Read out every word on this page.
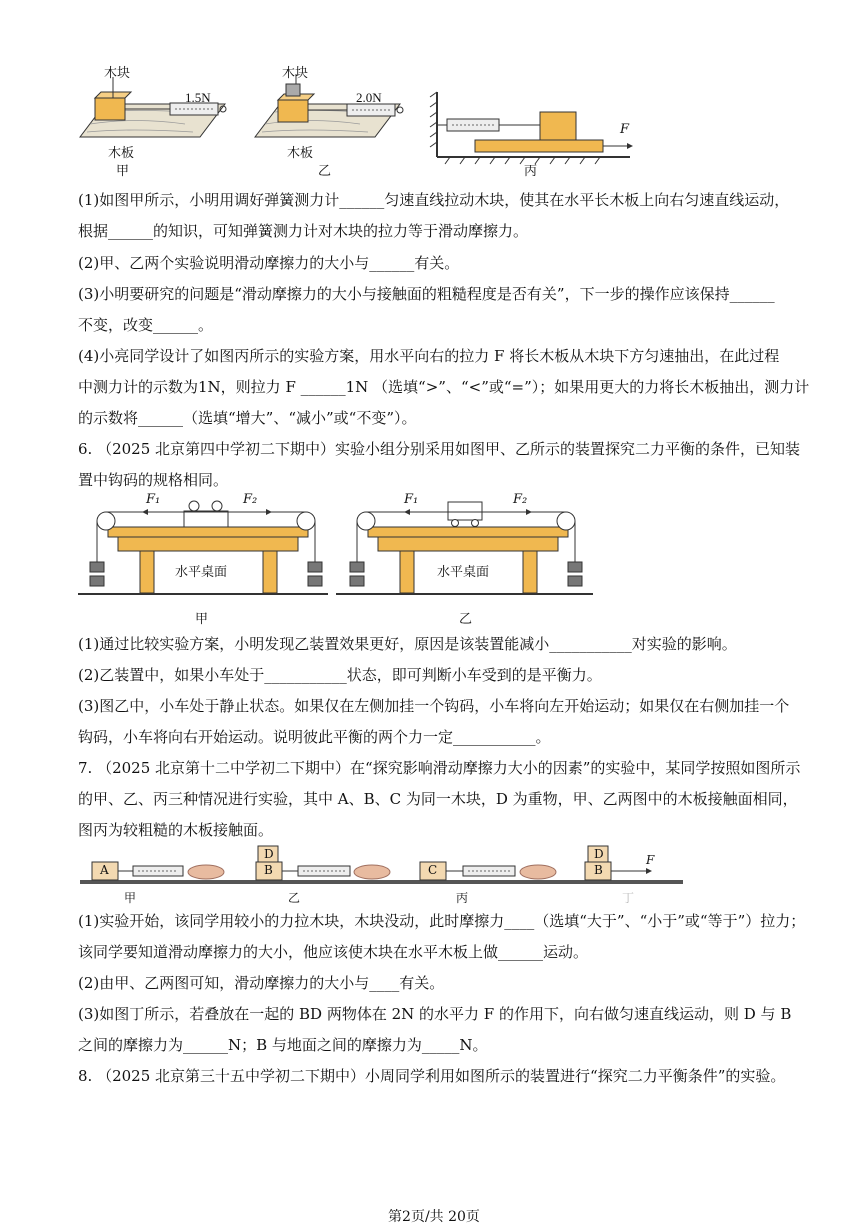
木块
1.5N
木板
甲
木块
2.0N
木板
乙
F
丙
(1)如图甲所示，小明用调好弹簧测力计______匀速直线拉动木块，使其在水平长木板上向右匀速直线运动，
根据______的知识，可知弹簧测力计对木块的拉力等于滑动摩擦力。
(2)甲、乙两个实验说明滑动摩擦力的大小与______有关。
(3)小明要研究的问题是“滑动摩擦力的大小与接触面的粗糙程度是否有关”，下一步的操作应该保持______
不变，改变______。
(4)小亮同学设计了如图丙所示的实验方案，用水平向右的拉力 F 将长木板从木块下方匀速抽出，在此过程
中测力计的示数为1N，则拉力 F ______1N （选填“>”、“<”或“=”）；如果用更大的力将长木板抽出，测力计
的示数将______（选填“增大”、“减小”或“不变”）。
6. （2025 北京第四中学初二下期中）实验小组分别采用如图甲、乙所示的装置探究二力平衡的条件，已知装
置中钩码的规格相同。
F₁	F₂
水平桌面
甲
F₁	F₂
水平桌面
乙
(1)通过比较实验方案，小明发现乙装置效果更好，原因是该装置能减小___________对实验的影响。
(2)乙装置中，如果小车处于___________状态，即可判断小车受到的是平衡力。
(3)图乙中，小车处于静止状态。如果仅在左侧加挂一个钩码，小车将向左开始运动；如果仅在右侧加挂一个
钩码，小车将向右开始运动。说明彼此平衡的两个力一定___________。
7. （2025 北京第十二中学初二下期中）在“探究影响滑动摩擦力大小的因素”的实验中，某同学按照如图所示
的甲、乙、丙三种情况进行实验，其中 A、B、C 为同一木块，D 为重物，甲、乙两图中的木板接触面相同，
图丙为较粗糙的木板接触面。
A
甲
D
B
乙
C
丙
D
B
F
丁
(1)实验开始，该同学用较小的力拉木块，木块没动，此时摩擦力____（选填“大于”、“小于”或“等于”）拉力；
该同学要知道滑动摩擦力的大小，他应该使木块在水平木板上做______运动。
(2)由甲、乙两图可知，滑动摩擦力的大小与____有关。
(3)如图丁所示，若叠放在一起的 BD 两物体在 2N 的水平力 F 的作用下，向右做匀速直线运动，则 D 与 B
之间的摩擦力为______N；B 与地面之间的摩擦力为_____N。
8. （2025 北京第三十五中学初二下期中）小周同学利用如图所示的装置进行“探究二力平衡条件”的实验。
第2页/共 20页
